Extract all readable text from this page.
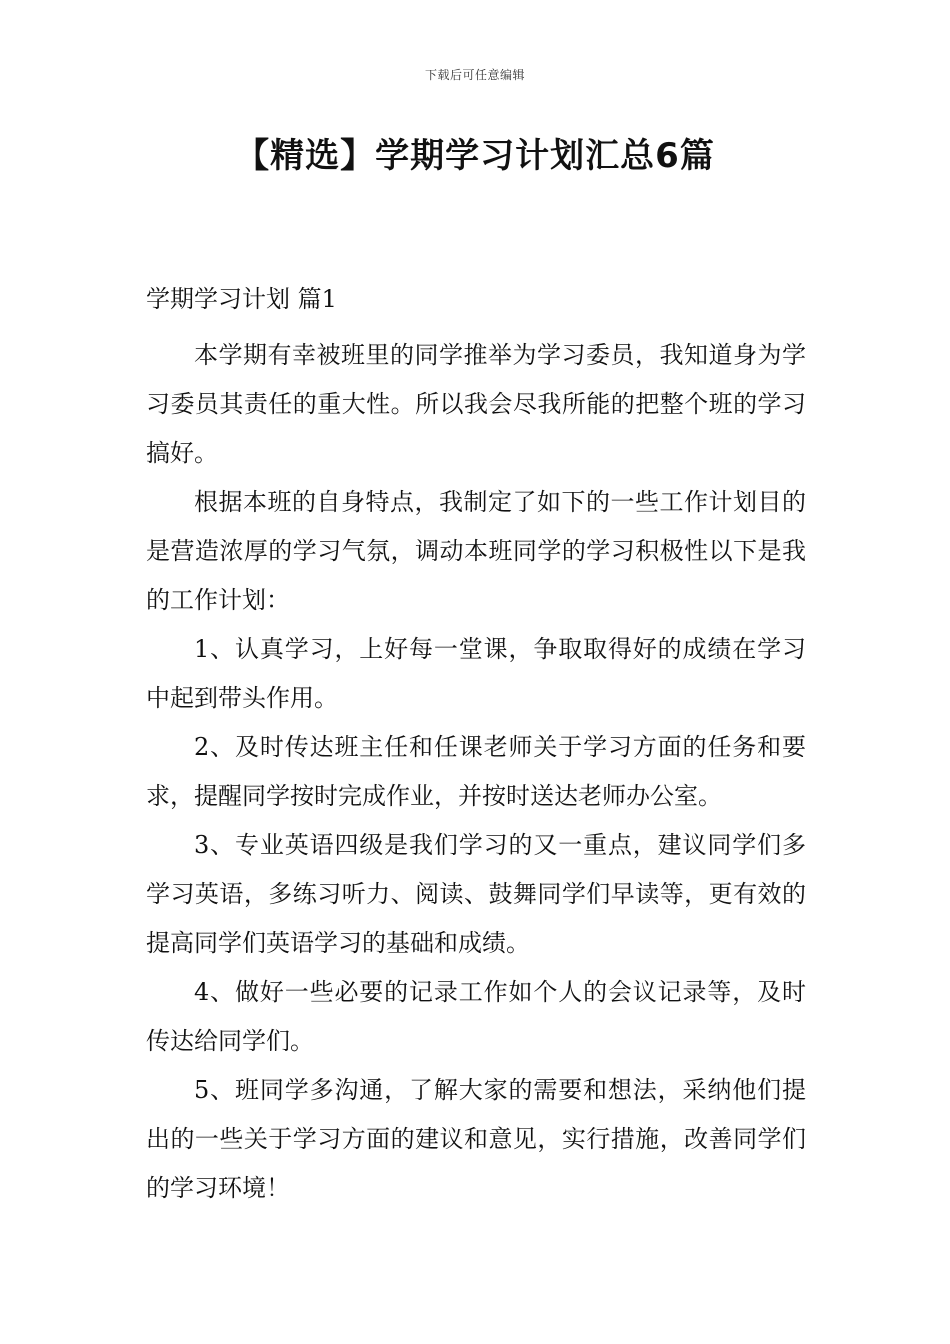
下载后可任意编辑
【精选】学期学习计划汇总6篇
学期学习计划 篇1

本学期有幸被班里的同学推举为学习委员，我知道身为学习委员其责任的重大性。所以我会尽我所能的把整个班的学习搞好。

根据本班的自身特点，我制定了如下的一些工作计划目的是营造浓厚的学习气氛，调动本班同学的学习积极性以下是我的工作计划：

1、认真学习，上好每一堂课，争取取得好的成绩在学习中起到带头作用。

2、及时传达班主任和任课老师关于学习方面的任务和要求，提醒同学按时完成作业，并按时送达老师办公室。

3、专业英语四级是我们学习的又一重点，建议同学们多学习英语，多练习听力、阅读、鼓舞同学们早读等，更有效的提高同学们英语学习的基础和成绩。

4、做好一些必要的记录工作如个人的会议记录等，及时传达给同学们。

5、班同学多沟通，了解大家的需要和想法，采纳他们提出的一些关于学习方面的建议和意见，实行措施，改善同学们的学习环境！
